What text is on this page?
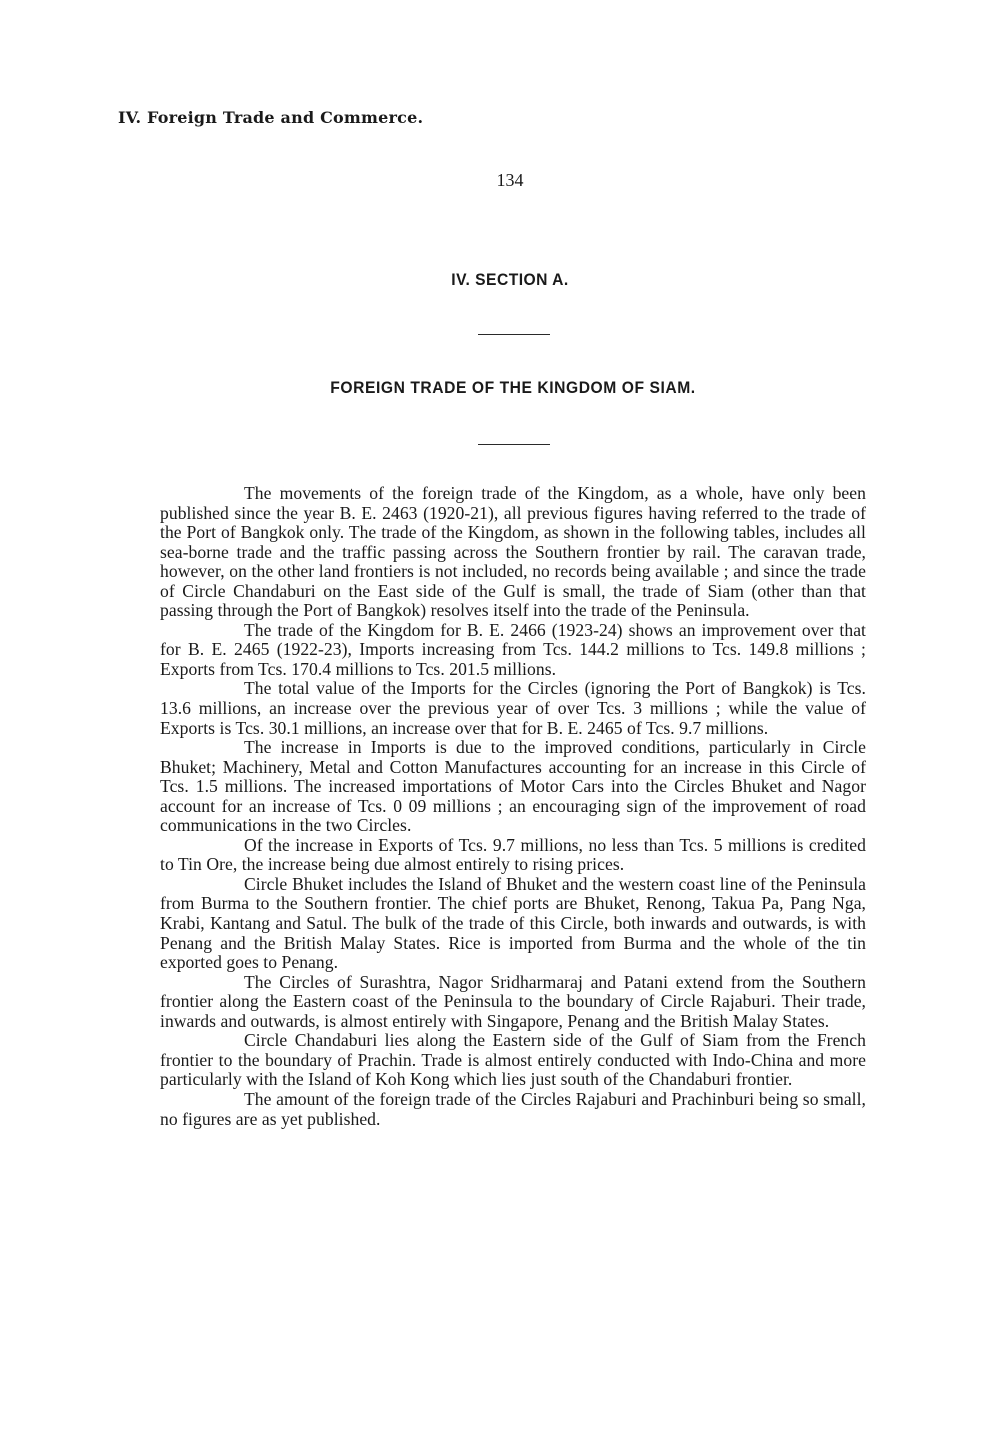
IV. Foreign Trade and Commerce.
134
IV. SECTION A.
FOREIGN TRADE OF THE KINGDOM OF SIAM.

The movements of the foreign trade of the Kingdom, as a whole, have only been published since the year B. E. 2463 (1920-21), all previous figures having referred to the trade of the Port of Bangkok only. The trade of the Kingdom, as shown in the following tables, includes all sea-borne trade and the traffic passing across the Southern frontier by rail. The caravan trade, however, on the other land frontiers is not included, no records being available ; and since the trade of Circle Chandaburi on the East side of the Gulf is small, the trade of Siam (other than that passing through the Port of Bangkok) resolves itself into the trade of the Peninsula.

The trade of the Kingdom for B. E. 2466 (1923-24) shows an improvement over that for B. E. 2465 (1922-23), Imports increasing from Tcs. 144.2 millions to Tcs. 149.8 millions ; Exports from Tcs. 170.4 millions to Tcs. 201.5 millions.

The total value of the Imports for the Circles (ignoring the Port of Bangkok) is Tcs. 13.6 millions, an increase over the previous year of over Tcs. 3 millions ; while the value of Exports is Tcs. 30.1 millions, an increase over that for B. E. 2465 of Tcs. 9.7 millions.

The increase in Imports is due to the improved conditions, particularly in Circle Bhuket; Machinery, Metal and Cotton Manufactures accounting for an increase in this Circle of Tcs. 1.5 millions. The increased importations of Motor Cars into the Circles Bhuket and Nagor account for an increase of Tcs. 0 09 millions ; an encouraging sign of the improvement of road communications in the two Circles.

Of the increase in Exports of Tcs. 9.7 millions, no less than Tcs. 5 millions is credited to Tin Ore, the increase being due almost entirely to rising prices.

Circle Bhuket includes the Island of Bhuket and the western coast line of the Peninsula from Burma to the Southern frontier. The chief ports are Bhuket, Renong, Takua Pa, Pang Nga, Krabi, Kantang and Satul. The bulk of the trade of this Circle, both inwards and outwards, is with Penang and the British Malay States. Rice is imported from Burma and the whole of the tin exported goes to Penang.

The Circles of Surashtra, Nagor Sridharmaraj and Patani extend from the Southern frontier along the Eastern coast of the Peninsula to the boundary of Circle Rajaburi. Their trade, inwards and outwards, is almost entirely with Singapore, Penang and the British Malay States.

Circle Chandaburi lies along the Eastern side of the Gulf of Siam from the French frontier to the boundary of Prachin. Trade is almost entirely conducted with Indo-China and more particularly with the Island of Koh Kong which lies just south of the Chandaburi frontier.

The amount of the foreign trade of the Circles Rajaburi and Prachinburi being so small, no figures are as yet published.
